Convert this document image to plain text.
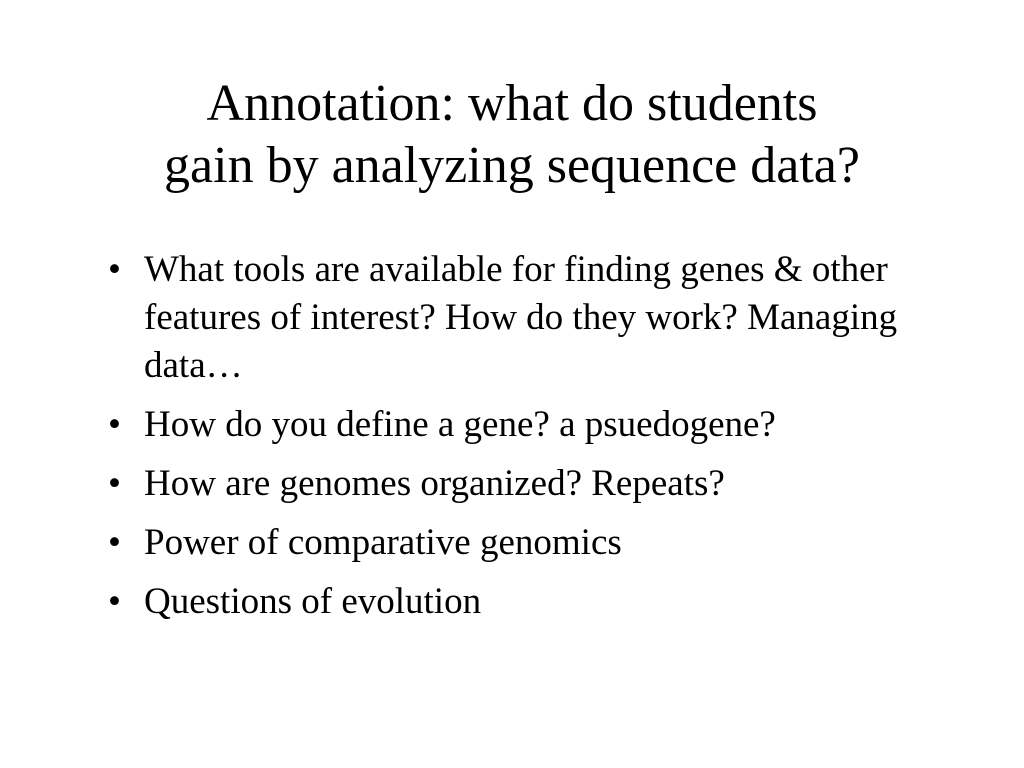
Annotation: what do students
gain by analyzing sequence data?
• What tools are available for finding genes & other features of interest? How do they work? Managing data…
• How do you define a gene? a psuedogene?
• How are genomes organized? Repeats?
• Power of comparative genomics
• Questions of evolution
